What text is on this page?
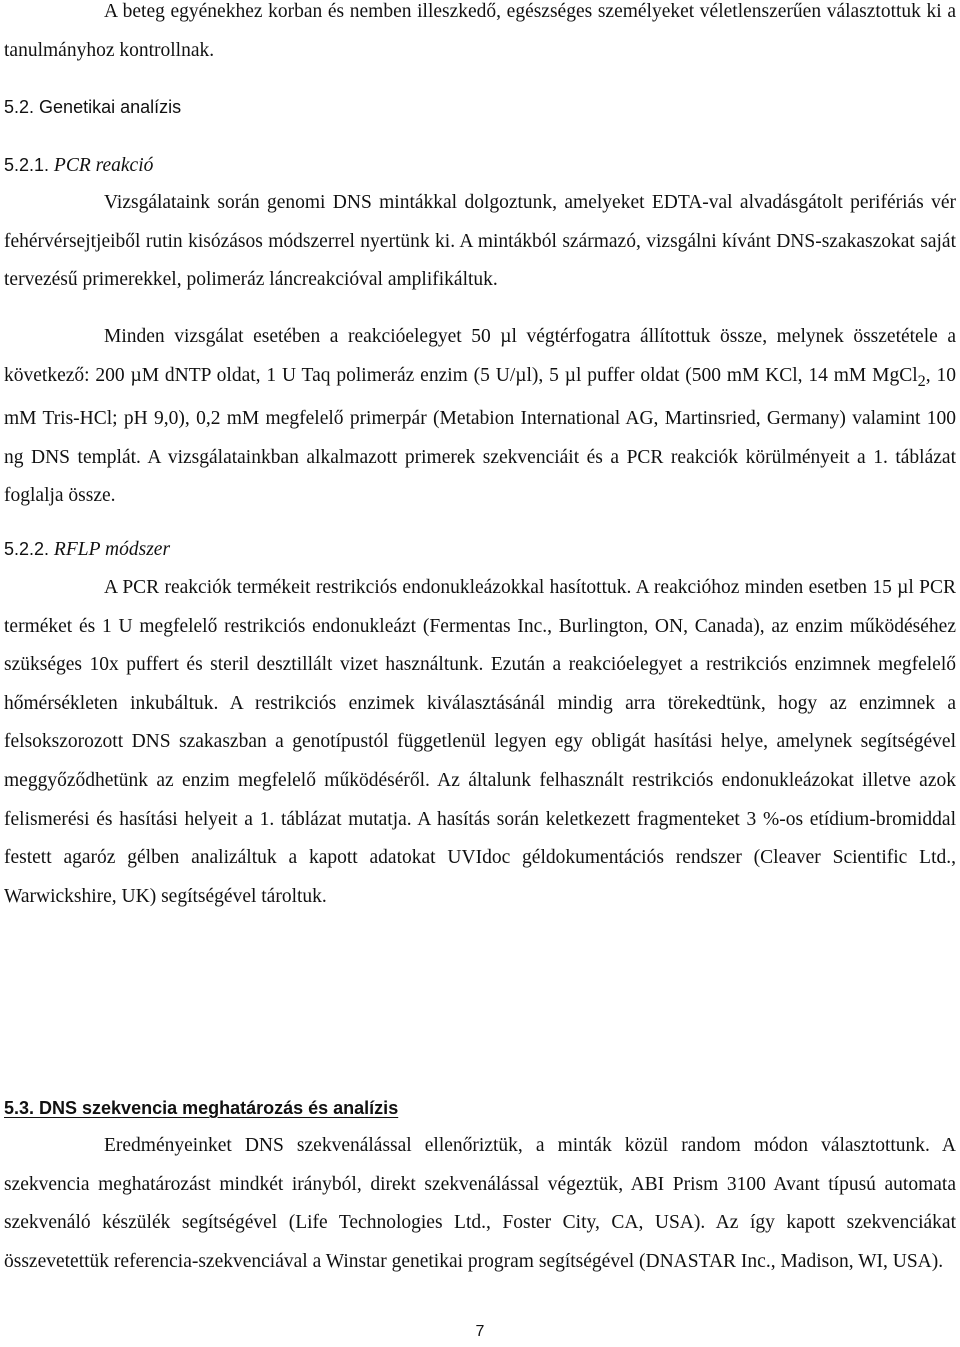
A beteg egyénekhez korban és nemben illeszkedő, egészséges személyeket véletlenszerűen választottuk ki a tanulmányhoz kontrollnak.

5.2. Genetikai analízis
5.2.1. PCR reakció

Vizsgálataink során genomi DNS mintákkal dolgoztunk, amelyeket EDTA-val alvadásgátolt perifériás vér fehérvérsejtjeiből rutin kisózásos módszerrel nyertünk ki. A mintákból származó, vizsgálni kívánt DNS-szakaszokat saját tervezésű primerekkel, polimeráz láncreakcióval amplifikáltuk.

Minden vizsgálat esetében a reakcióelegyet 50 µl végtérfogatra állítottuk össze, melynek összetétele a következő: 200 µM dNTP oldat, 1 U Taq polimeráz enzim (5 U/µl), 5 µl puffer oldat (500 mM KCl, 14 mM MgCl$_2$, 10 mM Tris-HCl; pH 9,0), 0,2 mM megfelelő primerpár (Metabion International AG, Martinsried, Germany) valamint 100 ng DNS templát. A vizsgálatainkban alkalmazott primerek szekvenciáit és a PCR reakciók körülményeit a 1. táblázat foglalja össze.

5.2.2. RFLP módszer

A PCR reakciók termékeit restrikciós endonukleázokkal hasítottuk. A reakcióhoz minden esetben 15 µl PCR terméket és 1 U megfelelő restrikciós endonukleázt (Fermentas Inc., Burlington, ON, Canada), az enzim működéséhez szükséges 10x puffert és steril desztillált vizet használtunk. Ezután a reakcióelegyet a restrikciós enzimnek megfelelő hőmérsékleten inkubáltuk. A restrikciós enzimek kiválasztásánál mindig arra törekedtünk, hogy az enzimnek a felsokszorozott DNS szakaszban a genotípustól függetlenül legyen egy obligát hasítási helye, amelynek segítségével meggyőződhetünk az enzim megfelelő működéséről. Az általunk felhasznált restrikciós endonukleázokat illetve azok felismerési és hasítási helyeit a 1. táblázat mutatja. A hasítás során keletkezett fragmenteket 3 %-os etídium-bromiddal festett agaróz gélben analizáltuk a kapott adatokat UVIdoc géldokumentációs rendszer (Cleaver Scientific Ltd., Warwickshire, UK) segítségével tároltuk.

5.3. DNS szekvencia meghatározás és analízis

Eredményeinket DNS szekvenálással ellenőriztük, a minták közül random módon választottunk. A szekvencia meghatározást mindkét irányból, direkt szekvenálással végeztük, ABI Prism 3100 Avant típusú automata szekvenáló készülék segítségével (Life Technologies Ltd., Foster City, CA, USA). Az így kapott szekvenciákat összevetettük referencia-szekvenciával a Winstar genetikai program segítségével (DNASTAR Inc., Madison, WI, USA).

7
